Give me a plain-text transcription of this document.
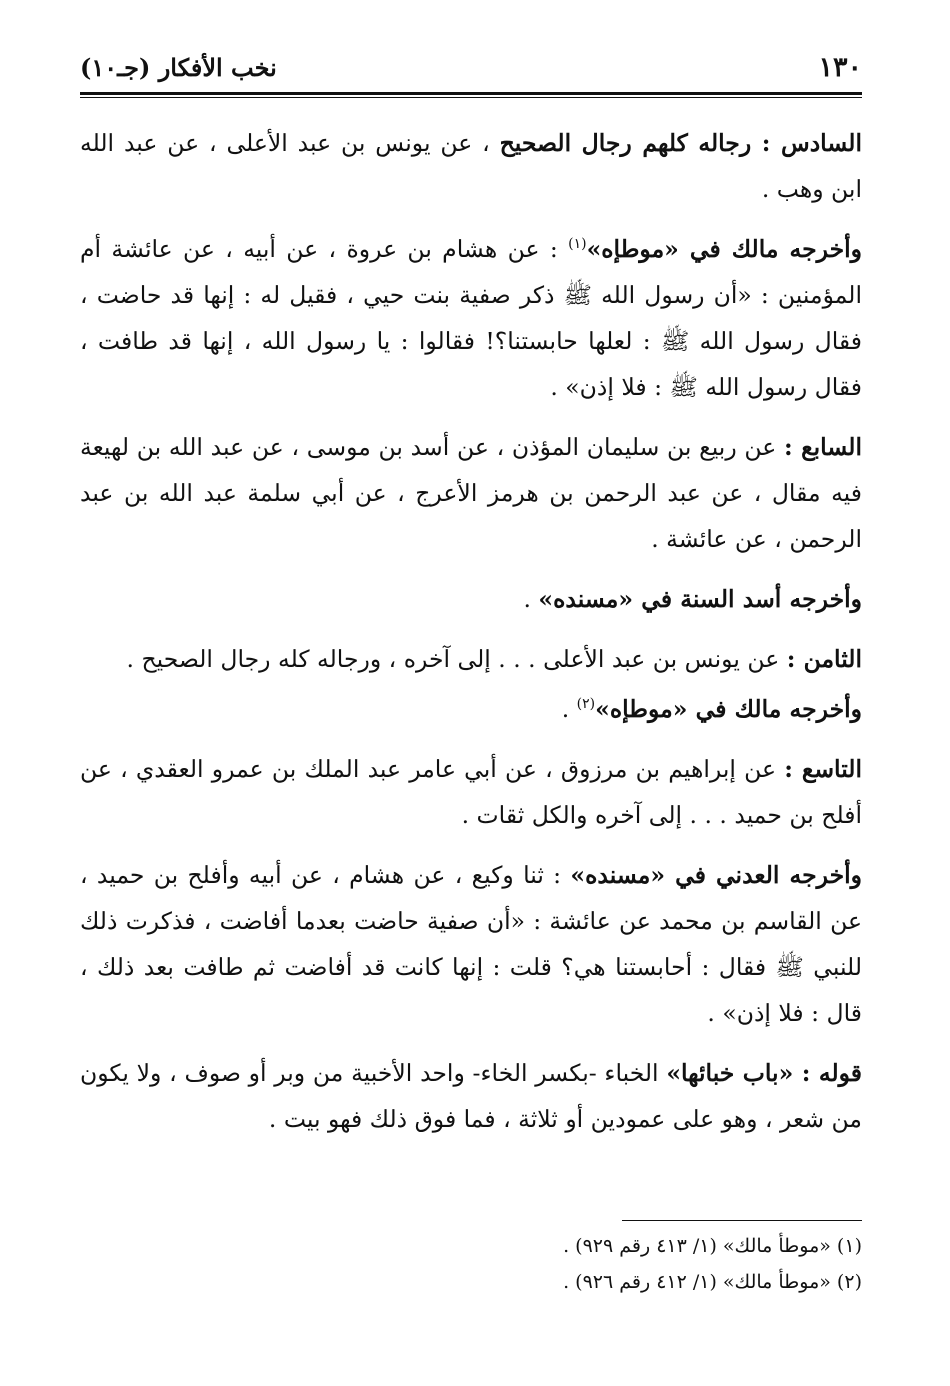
١٣٠
نخب الأفكار (جـ١٠)

السادس : رجاله كلهم رجال الصحيح ، عن يونس بن عبد الأعلى ، عن عبد الله ابن وهب .

وأخرجه مالك في «موطإه»$^{(١)}$ : عن هشام بن عروة ، عن أبيه ، عن عائشة أم المؤمنين : «أن رسول الله ﷺ ذكر صفية بنت حيي ، فقيل له : إنها قد حاضت ، فقال رسول الله ﷺ : لعلها حابستنا؟! فقالوا : يا رسول الله ، إنها قد طافت ، فقال رسول الله ﷺ : فلا إذن» .

السابع : عن ربيع بن سليمان المؤذن ، عن أسد بن موسى ، عن عبد الله بن لهيعة فيه مقال ، عن عبد الرحمن بن هرمز الأعرج ، عن أبي سلمة عبد الله بن عبد الرحمن ، عن عائشة .

وأخرجه أسد السنة في «مسنده» .

الثامن : عن يونس بن عبد الأعلى . . . إلى آخره ، ورجاله كله رجال الصحيح .

وأخرجه مالك في «موطإه»$^{(٢)}$ .

التاسع : عن إبراهيم بن مرزوق ، عن أبي عامر عبد الملك بن عمرو العقدي ، عن أفلح بن حميد . . . إلى آخره والكل ثقات .

وأخرجه العدني في «مسنده» : ثنا وكيع ، عن هشام ، عن أبيه وأفلح بن حميد ، عن القاسم بن محمد عن عائشة : «أن صفية حاضت بعدما أفاضت ، فذكرت ذلك للنبي ﷺ فقال : أحابستنا هي؟ قلت : إنها كانت قد أفاضت ثم طافت بعد ذلك ، قال : فلا إذن» .

قوله : «باب خبائها» الخباء -بكسر الخاء- واحد الأخبية من وبر أو صوف ، ولا يكون من شعر ، وهو على عمودين أو ثلاثة ، فما فوق ذلك فهو بيت .

(١) «موطأ مالك» (١/ ٤١٣ رقم ٩٢٩) .

(٢) «موطأ مالك» (١/ ٤١٢ رقم ٩٢٦) .
